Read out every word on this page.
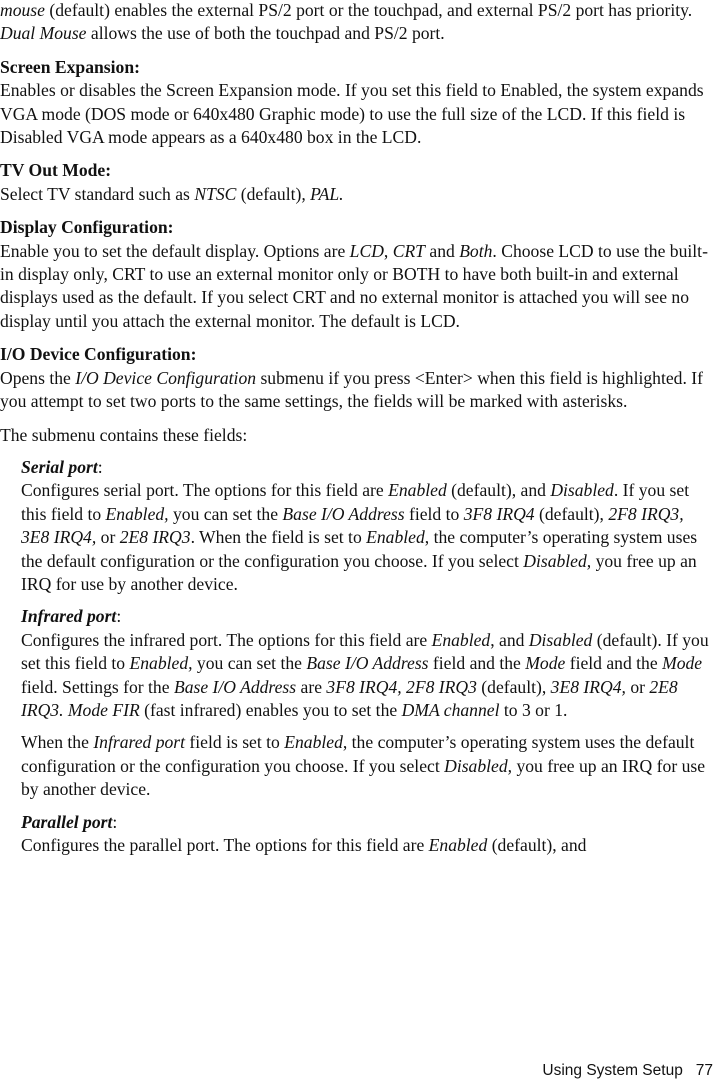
mouse (default) enables the external PS/2 port or the touchpad, and external PS/2 port has priority. Dual Mouse allows the use of both the touchpad and PS/2 port.

Screen Expansion:

Enables or disables the Screen Expansion mode. If you set this field to Enabled, the system expands VGA mode (DOS mode or 640x480 Graphic mode) to use the full size of the LCD. If this field is Disabled VGA mode appears as a 640x480 box in the LCD.

TV Out Mode:

Select TV standard such as NTSC (default), PAL.

Display Configuration:

Enable you to set the default display. Options are LCD, CRT and Both. Choose LCD to use the built-in display only, CRT to use an external monitor only or BOTH to have both built-in and external displays used as the default. If you select CRT and no external monitor is attached you will see no display until you attach the external monitor. The default is LCD.

I/O Device Configuration:

Opens the I/O Device Configuration submenu if you press <Enter> when this field is highlighted. If you attempt to set two ports to the same settings, the fields will be marked with asterisks.

The submenu contains these fields:

Serial port:

Configures serial port. The options for this field are Enabled (default), and Disabled. If you set this field to Enabled, you can set the Base I/O Address field to 3F8 IRQ4 (default), 2F8 IRQ3, 3E8 IRQ4, or 2E8 IRQ3. When the field is set to Enabled, the computer’s operating system uses the default configuration or the configuration you choose. If you select Disabled, you free up an IRQ for use by another device.

Infrared port:

Configures the infrared port. The options for this field are Enabled, and Disabled (default). If you set this field to Enabled, you can set the Base I/O Address field and the Mode field and the Mode field. Settings for the Base I/O Address are 3F8 IRQ4, 2F8 IRQ3 (default), 3E8 IRQ4, or 2E8 IRQ3. Mode FIR (fast infrared) enables you to set the DMA channel to 3 or 1.

When the Infrared port field is set to Enabled, the computer’s operating system uses the default configuration or the configuration you choose. If you select Disabled, you free up an IRQ for use by another device.

Parallel port:

Configures the parallel port. The options for this field are Enabled (default), and

Using System Setup 77
